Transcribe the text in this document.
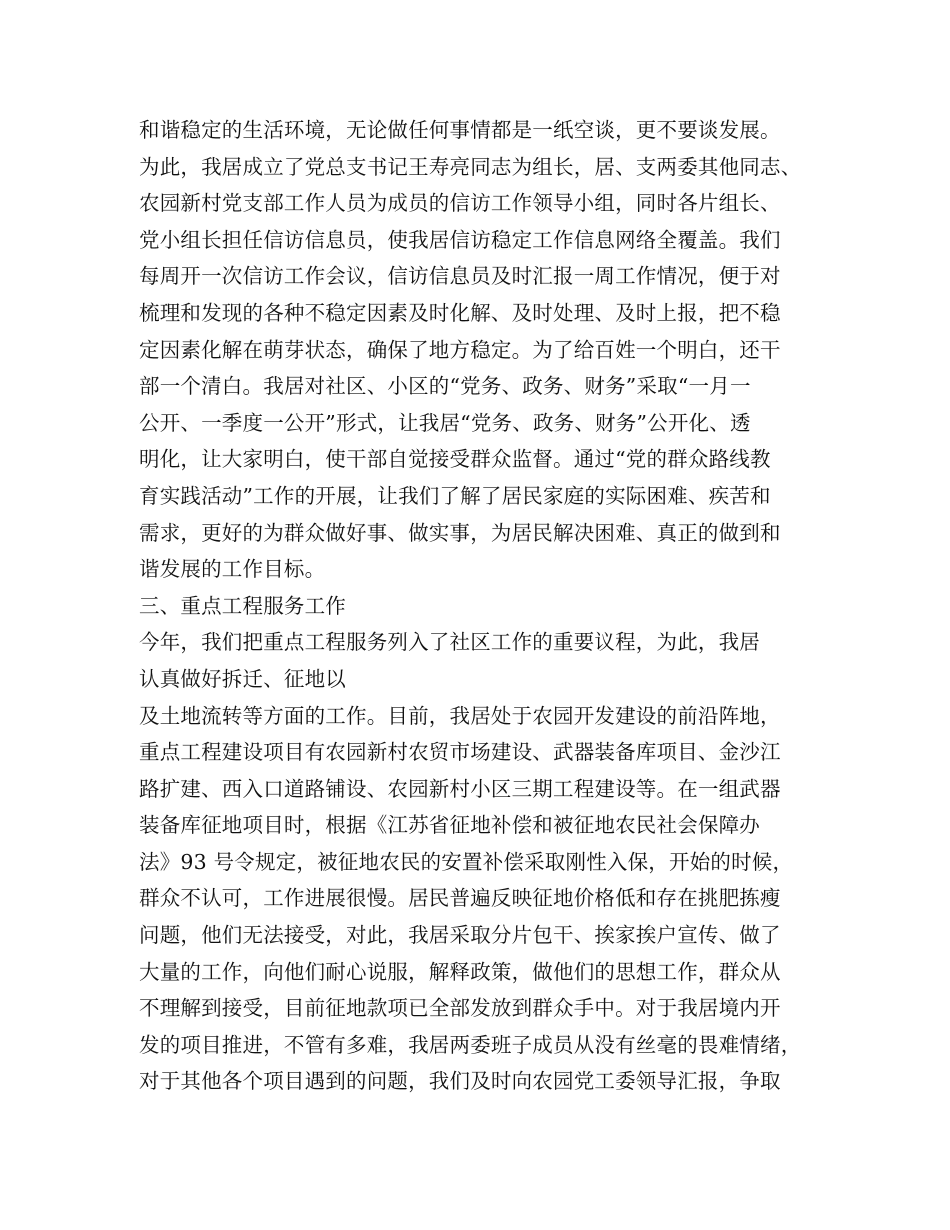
和谐稳定的生活环境，无论做任何事情都是一纸空谈，更不要谈发展。
为此，我居成立了党总支书记王寿亮同志为组长，居、支两委其他同志、
农园新村党支部工作人员为成员的信访工作领导小组，同时各片组长、
党小组长担任信访信息员，使我居信访稳定工作信息网络全覆盖。我们
每周开一次信访工作会议，信访信息员及时汇报一周工作情况，便于对
梳理和发现的各种不稳定因素及时化解、及时处理、及时上报，把不稳
定因素化解在萌芽状态，确保了地方稳定。为了给百姓一个明白，还干
部一个清白。我居对社区、小区的“党务、政务、财务”采取“一月一
公开、一季度一公开”形式，让我居“党务、政务、财务”公开化、透
明化，让大家明白，使干部自觉接受群众监督。通过“党的群众路线教
育实践活动”工作的开展，让我们了解了居民家庭的实际困难、疾苦和
需求，更好的为群众做好事、做实事，为居民解决困难、真正的做到和
谐发展的工作目标。
三、重点工程服务工作
今年，我们把重点工程服务列入了社区工作的重要议程，为此，我居
认真做好拆迁、征地以
及土地流转等方面的工作。目前，我居处于农园开发建设的前沿阵地，
重点工程建设项目有农园新村农贸市场建设、武器装备库项目、金沙江
路扩建、西入口道路铺设、农园新村小区三期工程建设等。在一组武器
装备库征地项目时，根据《江苏省征地补偿和被征地农民社会保障办
法》93 号令规定，被征地农民的安置补偿采取刚性入保，开始的时候，
群众不认可，工作进展很慢。居民普遍反映征地价格低和存在挑肥拣瘦
问题，他们无法接受，对此，我居采取分片包干、挨家挨户宣传、做了
大量的工作，向他们耐心说服，解释政策，做他们的思想工作，群众从
不理解到接受，目前征地款项已全部发放到群众手中。对于我居境内开
发的项目推进，不管有多难，我居两委班子成员从没有丝毫的畏难情绪，
对于其他各个项目遇到的问题，我们及时向农园党工委领导汇报，争取
